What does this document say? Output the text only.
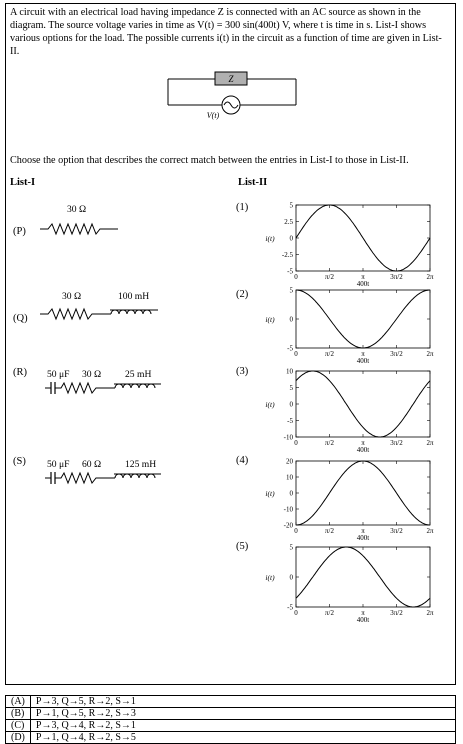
A circuit with an electrical load having impedance Z is connected with an AC source as shown in the diagram. The source voltage varies in time as V(t) = 300 sin(400t) V, where t is time in s. List-I shows various options for the load. The possible currents i(t) in the circuit as a function of time are given in List-II.
Z
V(t)
Choose the option that describes the correct match between the entries in List-I to those in List-II.
List-I	List-II
(P)
(Q)
(R)
(S)
30 Ω
30 Ω	100 mH
50 μF 30 Ω 25 mH
50 μF 60 Ω 125 mH
(1)
(2)
(3)
(4)
(5)
5
2.5
0
-2.5
-5
0	π/2	π	3π/2	2π
400t
i(t)
5
0
-5
0	π/2	π	3π/2	2π
400t
i(t)
10
5
0
-5
-10
0	π/2	π	3π/2	2π
400t
i(t)
20
10
0
-10
-20
0	π/2	π	3π/2	2π
400t
i(t)
5
0
-5
0	π/2	π	3π/2	2π
400t
i(t)
(A)	P→3, Q→5, R→2, S→1
(B)	P→1, Q→5, R→2, S→3
(C)	P→3, Q→4, R→2, S→1
(D)	P→1, Q→4, R→2, S→5
